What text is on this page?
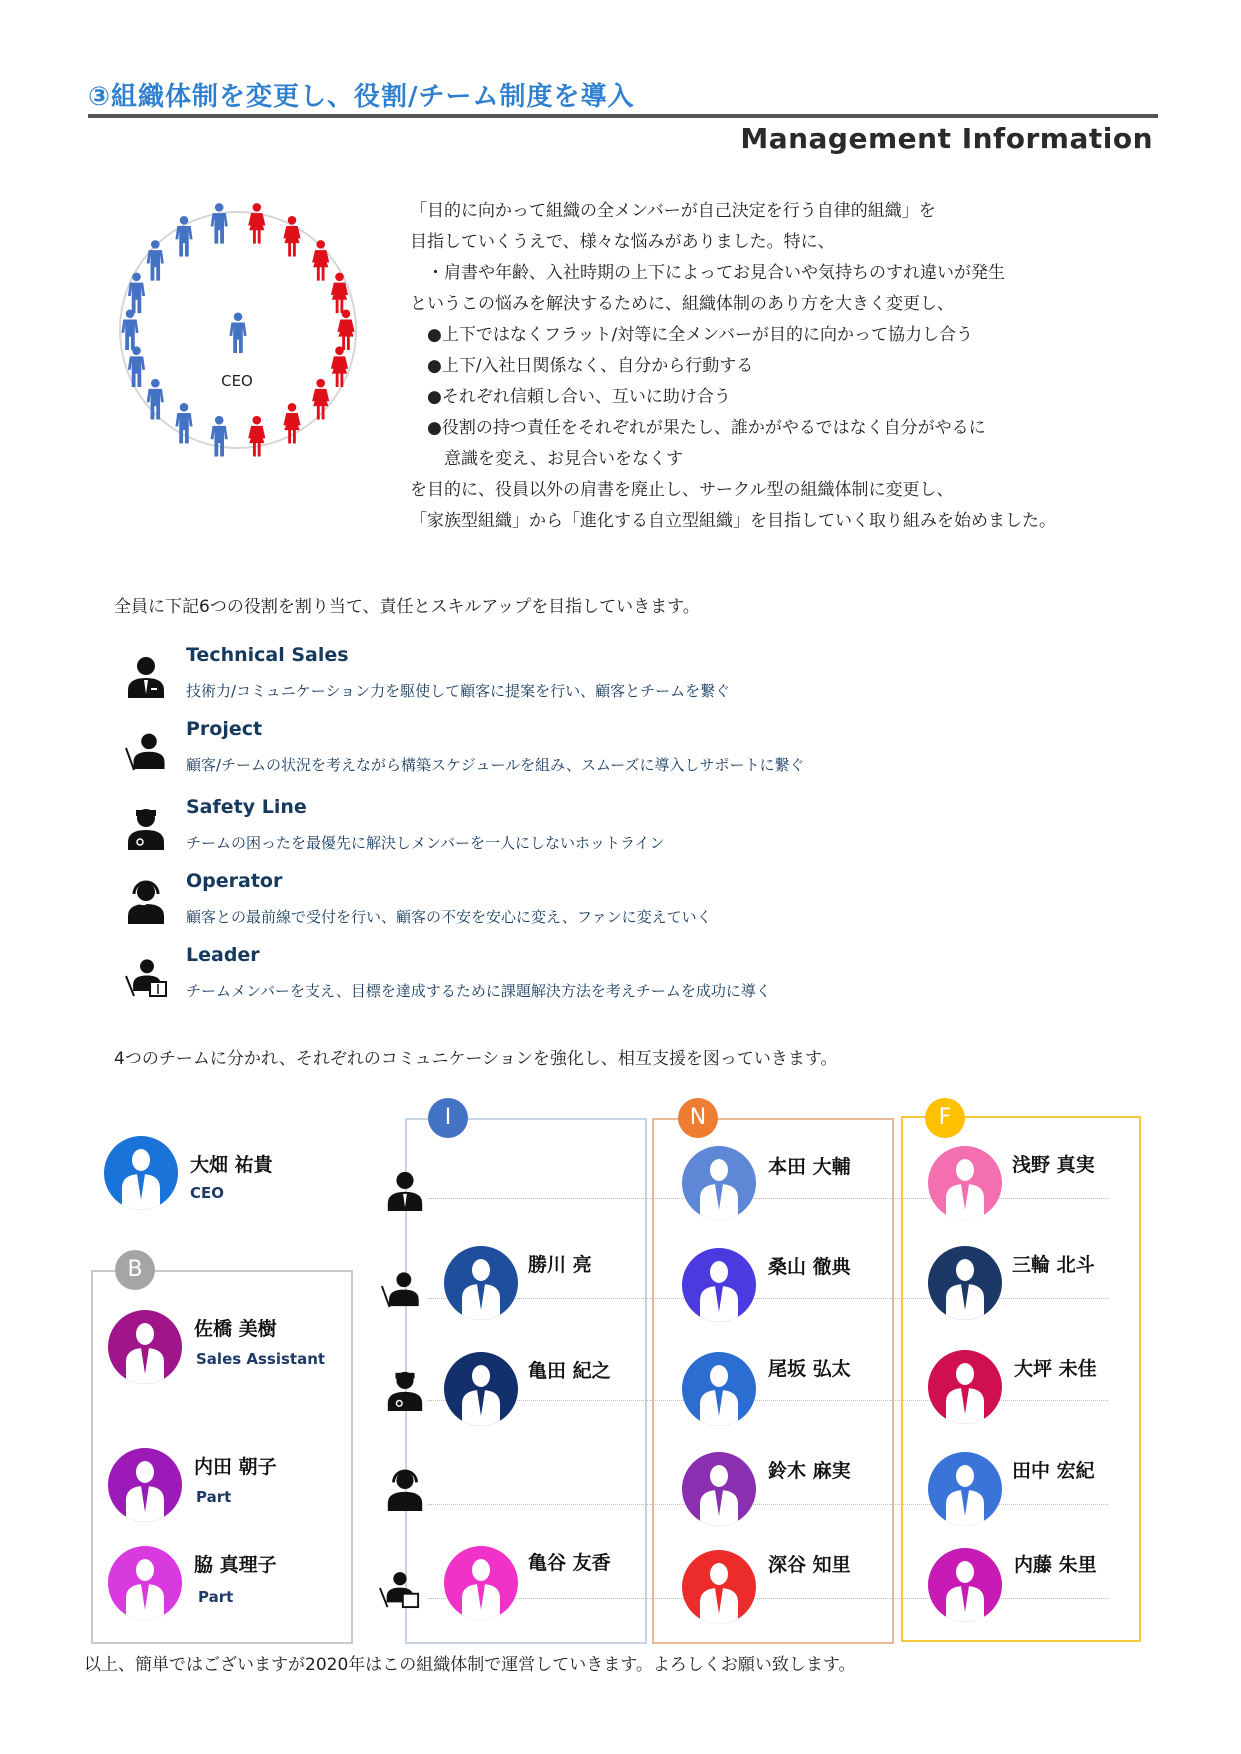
③組織体制を変更し、役割/チーム制度を導入
Management Information
CEO
「目的に向かって組織の全メンバーが自己決定を行う自律的組織」を
目指していくうえで、様々な悩みがありました。特に、
　・肩書や年齢、入社時期の上下によってお見合いや気持ちのすれ違いが発生
というこの悩みを解決するために、組織体制のあり方を大きく変更し、
　●上下ではなくフラット/対等に全メンバーが目的に向かって協力し合う
　●上下/入社日関係なく、自分から行動する
　●それぞれ信頼し合い、互いに助け合う
　●役割の持つ責任をそれぞれが果たし、誰かがやるではなく自分がやるに
　　意識を変え、お見合いをなくす
を目的に、役員以外の肩書を廃止し、サークル型の組織体制に変更し、
「家族型組織」から「進化する自立型組織」を目指していく取り組みを始めました。
全員に下記6つの役割を割り当て、責任とスキルアップを目指していきます。
Technical Sales
技術力/コミュニケーション力を駆使して顧客に提案を行い、顧客とチームを繋ぐ
Project
顧客/チームの状況を考えながら構築スケジュールを組み、スムーズに導入しサポートに繋ぐ
Safety Line
チームの困ったを最優先に解決しメンバーを一人にしないホットライン
Operator
顧客との最前線で受付を行い、顧客の不安を安心に変え、ファンに変えていく
Leader
チームメンバーを支え、目標を達成するために課題解決方法を考えチームを成功に導く
4つのチームに分かれ、それぞれのコミュニケーションを強化し、相互支援を図っていきます。
大畑 祐貴
CEO
B
佐橋 美樹
Sales Assistant
内田 朝子
Part
脇 真理子
Part
I	N	F
勝川 亮
亀田 紀之
亀谷 友香
本田 大輔
桑山 徹典
尾坂 弘太
鈴木 麻実
深谷 知里
浅野 真実
三輪 北斗
大坪 未佳
田中 宏紀
内藤 朱里
以上、簡単ではございますが2020年はこの組織体制で運営していきます。よろしくお願い致します。
